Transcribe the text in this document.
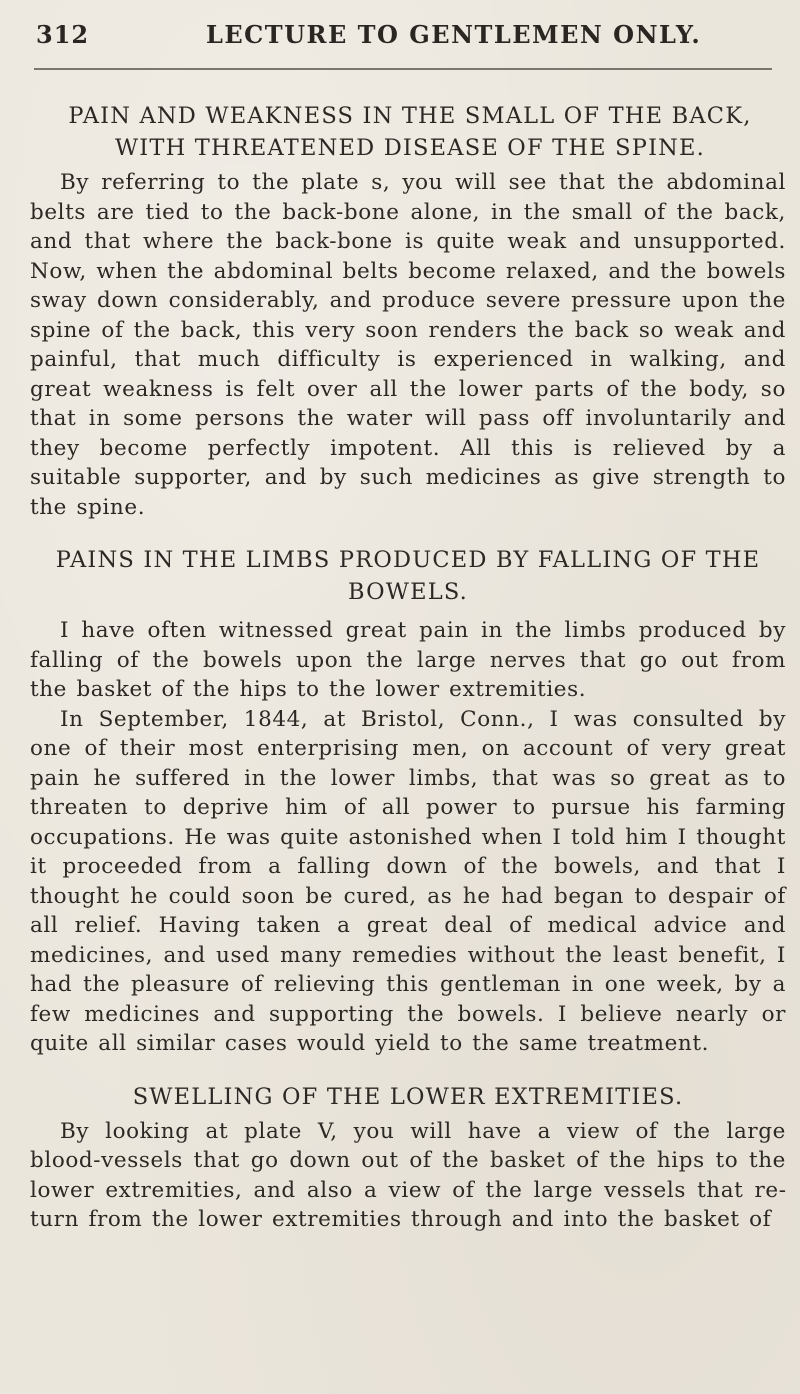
312	LECTURE TO GENTLEMEN ONLY.
PAIN AND WEAKNESS IN THE SMALL OF THE BACK, WITH THREATENED DISEASE OF THE SPINE.

By referring to the plate s, you will see that the abdominal belts are tied to the back-bone alone, in the small of the back, and that where the back-bone is quite weak and unsupported. Now, when the abdominal belts become relaxed, and the bowels sway down considerably, and produce severe pressure upon the spine of the back, this very soon renders the back so weak and painful, that much difficulty is experienced in walking, and great weakness is felt over all the lower parts of the body, so that in some persons the water will pass off involuntarily and they become perfectly impotent. All this is relieved by a suitable supporter, and by such medicines as give strength to the spine.

PAINS IN THE LIMBS PRODUCED BY FALLING OF THE BOWELS.

I have often witnessed great pain in the limbs produced by falling of the bowels upon the large nerves that go out from the basket of the hips to the lower extremities.

In September, 1844, at Bristol, Conn., I was consulted by one of their most enterprising men, on account of very great pain he suffered in the lower limbs, that was so great as to threaten to deprive him of all power to pursue his farming occupations. He was quite astonished when I told him I thought it proceeded from a falling down of the bowels, and that I thought he could soon be cured, as he had began to despair of all relief. Having taken a great deal of medical advice and medicines, and used many remedies without the least benefit, I had the pleasure of relieving this gentleman in one week, by a few medicines and supporting the bowels. I believe nearly or quite all similar cases would yield to the same treatment.

SWELLING OF THE LOWER EXTREMITIES.

By looking at plate V, you will have a view of the large blood-vessels that go down out of the basket of the hips to the lower extremities, and also a view of the large vessels that return from the lower extremities through and into the basket of
